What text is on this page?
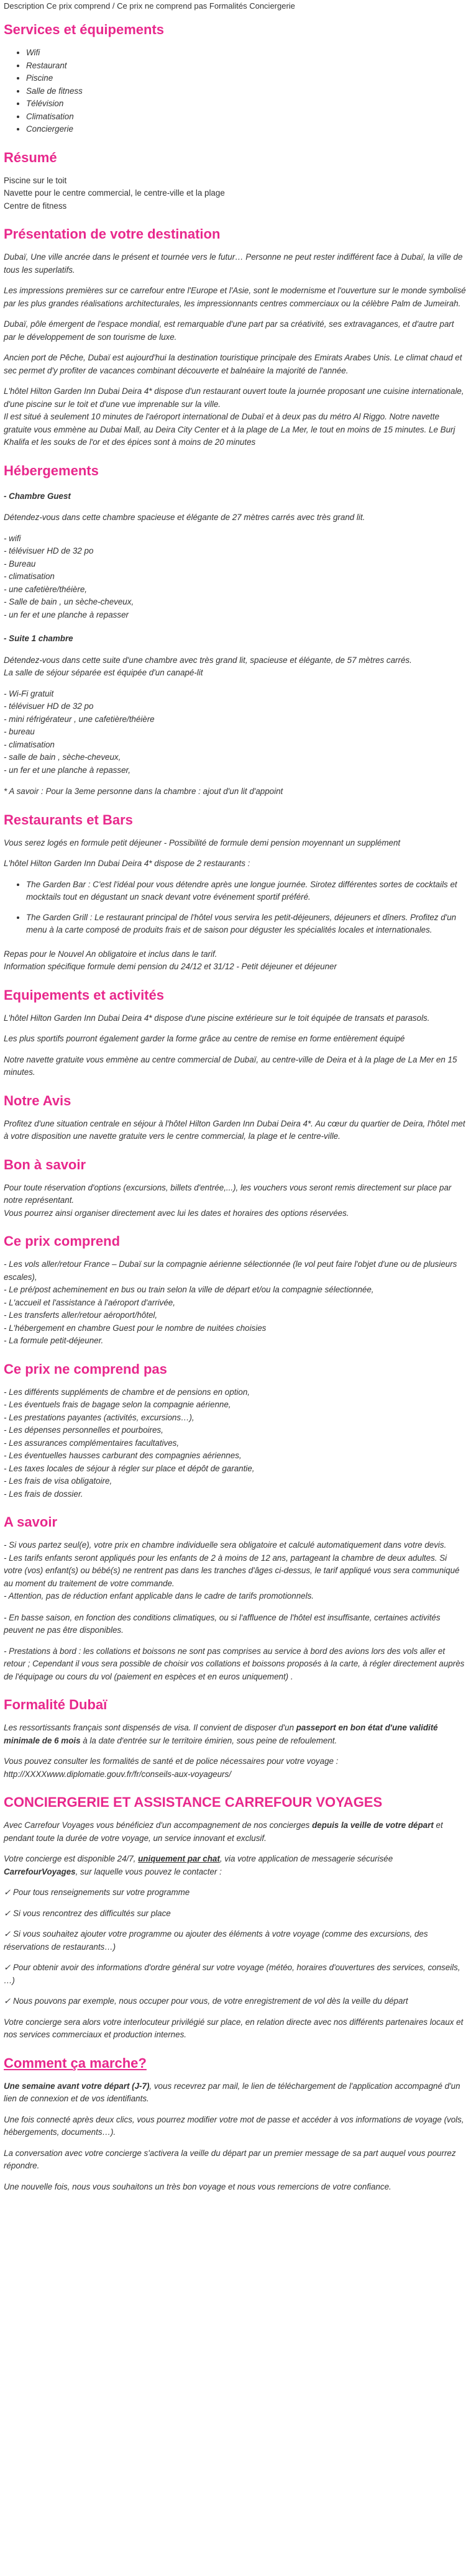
Description Ce prix comprend / Ce prix ne comprend pas Formalités Conciergerie
Services et équipements
• Wifi
• Restaurant
• Piscine
• Salle de fitness
• Télévision
• Climatisation
• Conciergerie
Résumé
Piscine sur le toit
Navette pour le centre commercial, le centre-ville et la plage
Centre de fitness
Présentation de votre destination

Dubaï, Une ville ancrée dans le présent et tournée vers le futur… Personne ne peut rester indifférent face à Dubaï, la ville de tous les superlatifs.

Les impressions premières sur ce carrefour entre l'Europe et l'Asie, sont le modernisme et l'ouverture sur le monde symbolisé par les plus grandes réalisations architecturales, les impressionnants centres commerciaux ou la célèbre Palm de Jumeirah.

Dubaï, pôle émergent de l'espace mondial, est remarquable d'une part par sa créativité, ses extravagances, et d'autre part par le développement de son tourisme de luxe.

Ancien port de Pêche, Dubaï est aujourd'hui la destination touristique principale des Emirats Arabes Unis. Le climat chaud et sec permet d'y profiter de vacances combinant découverte et balnéaire la majorité de l'année.

L'hôtel Hilton Garden Inn Dubai Deira 4* dispose d'un restaurant ouvert toute la journée proposant une cuisine internationale, d'une piscine sur le toit et d'une vue imprenable sur la ville.
Il est situé à seulement 10 minutes de l'aéroport international de Dubaï et à deux pas du métro Al Riggo. Notre navette gratuite vous emmène au Dubai Mall, au Deira City Center et à la plage de La Mer, le tout en moins de 15 minutes. Le Burj Khalifa et les souks de l'or et des épices sont à moins de 20 minutes

Hébergements
- Chambre Guest

Détendez-vous dans cette chambre spacieuse et élégante de 27 mètres carrés avec très grand lit.

- wifi
- télévisuer HD de 32 po
- Bureau
- climatisation
- une cafetière/théière,
- Salle de bain , un sèche-cheveux,
- un fer et une planche à repasser
- Suite 1 chambre

Détendez-vous dans cette suite d'une chambre avec très grand lit, spacieuse et élégante, de 57 mètres carrés.
La salle de séjour séparée est équipée d'un canapé-lit

- Wi-Fi gratuit
- télévisuer HD de 32 po
- mini réfrigérateur , une cafetière/théière
- bureau
- climatisation
- salle de bain , sèche-cheveux,
- un fer et une planche à repasser,

* A savoir : Pour la 3eme personne dans la chambre : ajout d'un lit d'appoint

Restaurants et Bars

Vous serez logés en formule petit déjeuner - Possibilité de formule demi pension moyennant un supplément

L'hôtel Hilton Garden Inn Dubai Deira 4* dispose de 2 restaurants :

• The Garden Bar : C'est l'idéal pour vous détendre après une longue journée. Sirotez différentes sortes de cocktails et mocktails tout en dégustant un snack devant votre événement sportif préféré.
• The Garden Grill : Le restaurant principal de l'hôtel vous servira les petit-déjeuners, déjeuners et dîners. Profitez d'un menu à la carte composé de produits frais et de saison pour déguster les spécialités locales et internationales.

Repas pour le Nouvel An obligatoire et inclus dans le tarif.
Information spécifique formule demi pension du 24/12 et 31/12 - Petit déjeuner et déjeuner

Equipements et activités

L'hôtel Hilton Garden Inn Dubai Deira 4* dispose d'une piscine extérieure sur le toit équipée de transats et parasols.

Les plus sportifs pourront également garder la forme grâce au centre de remise en forme entièrement équipé

Notre navette gratuite vous emmène au centre commercial de Dubaï, au centre-ville de Deira et à la plage de La Mer en 15 minutes.

Notre Avis

Profitez d'une situation centrale en séjour à l'hôtel Hilton Garden Inn Dubai Deira 4*. Au cœur du quartier de Deira, l'hôtel met à votre disposition une navette gratuite vers le centre commercial, la plage et le centre-ville.

Bon à savoir

Pour toute réservation d'options (excursions, billets d'entrée,...), les vouchers vous seront remis directement sur place par notre représentant.
Vous pourrez ainsi organiser directement avec lui les dates et horaires des options réservées.

Ce prix comprend
- Les vols aller/retour France – Dubaï sur la compagnie aérienne sélectionnée (le vol peut faire l'objet d'une ou de plusieurs escales),
- Le pré/post acheminement en bus ou train selon la ville de départ et/ou la compagnie sélectionnée,
- L'accueil et l'assistance à l'aéroport d'arrivée,
- Les transferts aller/retour aéroport/hôtel,
- L'hébergement en chambre Guest pour le nombre de nuitées choisies
- La formule petit-déjeuner.
Ce prix ne comprend pas
- Les différents suppléments de chambre et de pensions en option,
- Les éventuels frais de bagage selon la compagnie aérienne,
- Les prestations payantes (activités, excursions…),
- Les dépenses personnelles et pourboires,
- Les assurances complémentaires facultatives,
- Les éventuelles hausses carburant des compagnies aériennes,
- Les taxes locales de séjour à régler sur place et dépôt de garantie,
- Les frais de visa obligatoire,
- Les frais de dossier.
A savoir
- Si vous partez seul(e), votre prix en chambre individuelle sera obligatoire et calculé automatiquement dans votre devis.
- Les tarifs enfants seront appliqués pour les enfants de 2 à moins de 12 ans, partageant la chambre de deux adultes. Si votre (vos) enfant(s) ou bébé(s) ne rentrent pas dans les tranches d'âges ci-dessus, le tarif appliqué vous sera communiqué au moment du traitement de votre commande.
- Attention, pas de réduction enfant applicable dans le cadre de tarifs promotionnels.

- En basse saison, en fonction des conditions climatiques, ou si l'affluence de l'hôtel est insuffisante, certaines activités peuvent ne pas être disponibles.

- Prestations à bord : les collations et boissons ne sont pas comprises au service à bord des avions lors des vols aller et retour ; Cependant il vous sera possible de choisir vos collations et boissons proposés à la carte, à régler directement auprès de l'équipage ou cours du vol (paiement en espèces et en euros uniquement) .

Formalité Dubaï

Les ressortissants français sont dispensés de visa. Il convient de disposer d'un passeport en bon état d'une validité minimale de 6 mois à la date d'entrée sur le territoire émirien, sous peine de refoulement.

Vous pouvez consulter les formalités de santé et de police nécessaires pour votre voyage :
http://XXXXwww.diplomatie.gouv.fr/fr/conseils-aux-voyageurs/

CONCIERGERIE ET ASSISTANCE CARREFOUR VOYAGES

Avec Carrefour Voyages vous bénéficiez d'un accompagnement de nos concierges depuis la veille de votre départ et pendant toute la durée de votre voyage, un service innovant et exclusif.

Votre concierge est disponible 24/7, uniquement par chat, via votre application de messagerie sécurisée CarrefourVoyages, sur laquelle vous pouvez le contacter :

✓ Pour tous renseignements sur votre programme

✓ Si vous rencontrez des difficultés sur place

✓ Si vous souhaitez ajouter votre programme ou ajouter des éléments à votre voyage (comme des excursions, des réservations de restaurants…)

✓ Pour obtenir avoir des informations d'ordre général sur votre voyage (météo, horaires d'ouvertures des services, conseils, …)

✓ Nous pouvons par exemple, nous occuper pour vous, de votre enregistrement de vol dès la veille du départ

Votre concierge sera alors votre interlocuteur privilégié sur place, en relation directe avec nos différents partenaires locaux et nos services commerciaux et production internes.

Comment ça marche?

Une semaine avant votre départ (J-7), vous recevrez par mail, le lien de téléchargement de l'application accompagné d'un lien de connexion et de vos identifiants.

Une fois connecté après deux clics, vous pourrez modifier votre mot de passe et accéder à vos informations de voyage (vols, hébergements, documents…).

La conversation avec votre concierge s'activera la veille du départ par un premier message de sa part auquel vous pourrez répondre.

Une nouvelle fois, nous vous souhaitons un très bon voyage et nous vous remercions de votre confiance.
